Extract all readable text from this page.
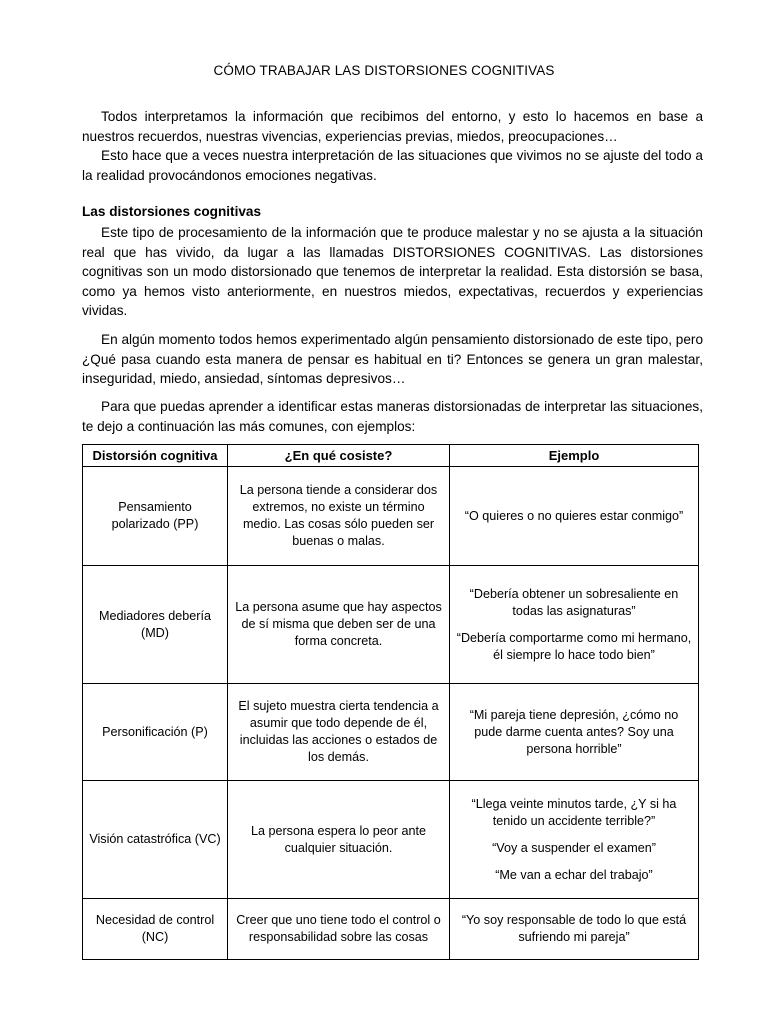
CÓMO TRABAJAR LAS DISTORSIONES COGNITIVAS

Todos interpretamos la información que recibimos del entorno, y esto lo hacemos en base a nuestros recuerdos, nuestras vivencias, experiencias previas, miedos, preocupaciones…

Esto hace que a veces nuestra interpretación de las situaciones que vivimos no se ajuste del todo a la realidad provocándonos emociones negativas.

Las distorsiones cognitivas

Este tipo de procesamiento de la información que te produce malestar y no se ajusta a la situación real que has vivido, da lugar a las llamadas DISTORSIONES COGNITIVAS. Las distorsiones cognitivas son un modo distorsionado que tenemos de interpretar la realidad. Esta distorsión se basa, como ya hemos visto anteriormente, en nuestros miedos, expectativas, recuerdos y experiencias vividas.

En algún momento todos hemos experimentado algún pensamiento distorsionado de este tipo, pero ¿Qué pasa cuando esta manera de pensar es habitual en ti? Entonces se genera un gran malestar, inseguridad, miedo, ansiedad, síntomas depresivos…

Para que puedas aprender a identificar estas maneras distorsionadas de interpretar las situaciones, te dejo a continuación las más comunes, con ejemplos:

Distorsión cognitiva	¿En qué cosiste?	Ejemplo
Pensamiento polarizado (PP)	La persona tiende a considerar dos extremos, no existe un término medio. Las cosas sólo pueden ser buenas o malas.	“O quieres o no quieres estar conmigo”

Mediadores debería (MD)	La persona asume que hay aspectos de sí misma que deben ser de una forma concreta.	“Debería obtener un sobresaliente en todas las asignaturas”
“Debería comportarme como mi hermano, él siempre lo hace todo bien”

Personificación (P)	El sujeto muestra cierta tendencia a asumir que todo depende de él, incluidas las acciones o estados de los demás.	“Mi pareja tiene depresión, ¿cómo no pude darme cuenta antes? Soy una persona horrible”

Visión catastrófica (VC)	La persona espera lo peor ante cualquier situación.	“Llega veinte minutos tarde, ¿Y si ha tenido un accidente terrible?”
“Voy a suspender el examen”
“Me van a echar del trabajo”

Necesidad de control (NC)	Creer que uno tiene todo el control o responsabilidad sobre las cosas	“Yo soy responsable de todo lo que está sufriendo mi pareja”
